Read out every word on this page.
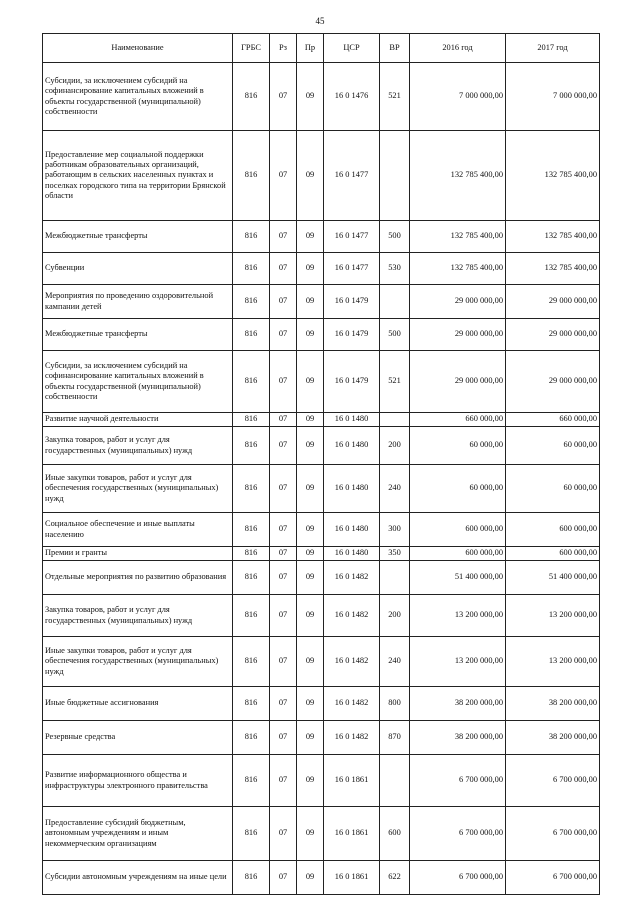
45
Наименование	ГРБС	Рз	Пр	ЦСР	ВР	2016 год	2017 год
Субсидии, за исключением субсидий на софинансирование капитальных вложений в объекты государственной (муниципальной) собственности	816	07	09	16 0 1476	521	7 000 000,00	7 000 000,00
Предоставление мер социальной поддержки работникам образовательных организаций, работающим в сельских населенных пунктах и поселках городского типа на территории Брянской области	816	07	09	16 0 1477		132 785 400,00	132 785 400,00
Межбюджетные трансферты	816	07	09	16 0 1477	500	132 785 400,00	132 785 400,00
Субвенции	816	07	09	16 0 1477	530	132 785 400,00	132 785 400,00
Мероприятия по проведению оздоровительной кампании детей	816	07	09	16 0 1479		29 000 000,00	29 000 000,00
Межбюджетные трансферты	816	07	09	16 0 1479	500	29 000 000,00	29 000 000,00
Субсидии, за исключением субсидий на софинансирование капитальных вложений в объекты государственной (муниципальной) собственности	816	07	09	16 0 1479	521	29 000 000,00	29 000 000,00
Развитие научной деятельности	816	07	09	16 0 1480		660 000,00	660 000,00
Закупка товаров, работ и услуг для государственных (муниципальных) нужд	816	07	09	16 0 1480	200	60 000,00	60 000,00
Иные закупки товаров, работ и услуг для обеспечения государственных (муниципальных) нужд	816	07	09	16 0 1480	240	60 000,00	60 000,00
Социальное обеспечение и иные выплаты населению	816	07	09	16 0 1480	300	600 000,00	600 000,00
Премии и гранты	816	07	09	16 0 1480	350	600 000,00	600 000,00
Отдельные мероприятия по развитию образования	816	07	09	16 0 1482		51 400 000,00	51 400 000,00
Закупка товаров, работ и услуг для государственных (муниципальных) нужд	816	07	09	16 0 1482	200	13 200 000,00	13 200 000,00
Иные закупки товаров, работ и услуг для обеспечения государственных (муниципальных) нужд	816	07	09	16 0 1482	240	13 200 000,00	13 200 000,00
Иные бюджетные ассигнования	816	07	09	16 0 1482	800	38 200 000,00	38 200 000,00
Резервные средства	816	07	09	16 0 1482	870	38 200 000,00	38 200 000,00
Развитие информационного общества и инфраструктуры электронного правительства	816	07	09	16 0 1861		6 700 000,00	6 700 000,00
Предоставление субсидий бюджетным, автономным учреждениям и иным некоммерческим организациям	816	07	09	16 0 1861	600	6 700 000,00	6 700 000,00
Субсидии автономным учреждениям на иные цели	816	07	09	16 0 1861	622	6 700 000,00	6 700 000,00
